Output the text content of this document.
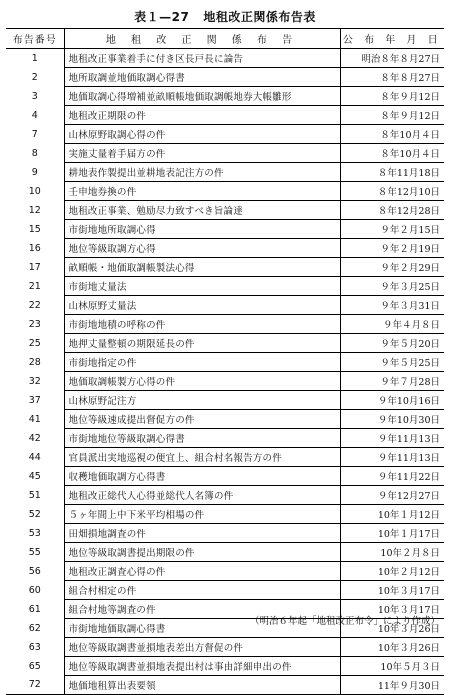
表１—27 地租改正関係布告表
布告番号	地 租 改 正 関 係 布 告	公 布 年 月 日
1	地租改正事業着手に付き区長戸長に論告	明治８年８月27日
2	地所取調並地価取調心得書	８年８月27日
3	地価取調心得増補並畝順帳地価取調帳地券大帳雛形	８年９月12日
4	地租改正期限の件	８年９月12日
7	山林原野取調心得の件	８年10月４日
8	実施丈量着手届方の件	８年10月４日
9	耕地表作製提出並耕地表記注方の件	８年11月18日
10	壬申地券換の件	８年12月10日
12	地租改正事業、勉励尽力致すべき旨論達	８年12月28日
15	市街地地所取調心得	９年２月15日
16	地位等級取調方心得	９年２月19日
17	畝順帳・地価取調帳製法心得	９年２月29日
21	市街地丈量法	９年３月25日
22	山林原野丈量法	９年３月31日
23	市街地地積の呼称の件	９年４月８日
25	地押丈量整頓の期限延長の件	９年５月20日
28	市街地指定の件	９年５月25日
32	地価取調帳製方心得の件	９年７月28日
37	山林原野記注方	９年10月16日
41	地位等級速成提出督促方の件	９年10月30日
42	市街地地位等級取調心得書	９年11月13日
44	官員派出実地巡視の便宜上、組合村名報告方の件	９年11月13日
45	収穫地価取調方心得書	９年11月22日
51	地租改正総代人心得並総代人名簿の件	９年12月27日
52	５ヶ年間上中下米平均相場の件	10年１月12日
53	田畑損地調査の件	10年１月17日
55	地位等級取調書提出期限の件	10年２月８日
56	地租改正調査心得の件	10年２月12日
60	組合村相定の件	10年３月17日
61	組合村地等調査の件	10年３月17日
62	市街地地価取調心得書	10年３月26日
63	地位等級取調書並損地表差出方督促の件	10年３月26日
65	地位等級取調書並損地表提出村は事由詳細申出の件	10年５月３日
72	地価地租算出表要領	11年９月30日
（明治６年起「地租改正布令」により作成）
